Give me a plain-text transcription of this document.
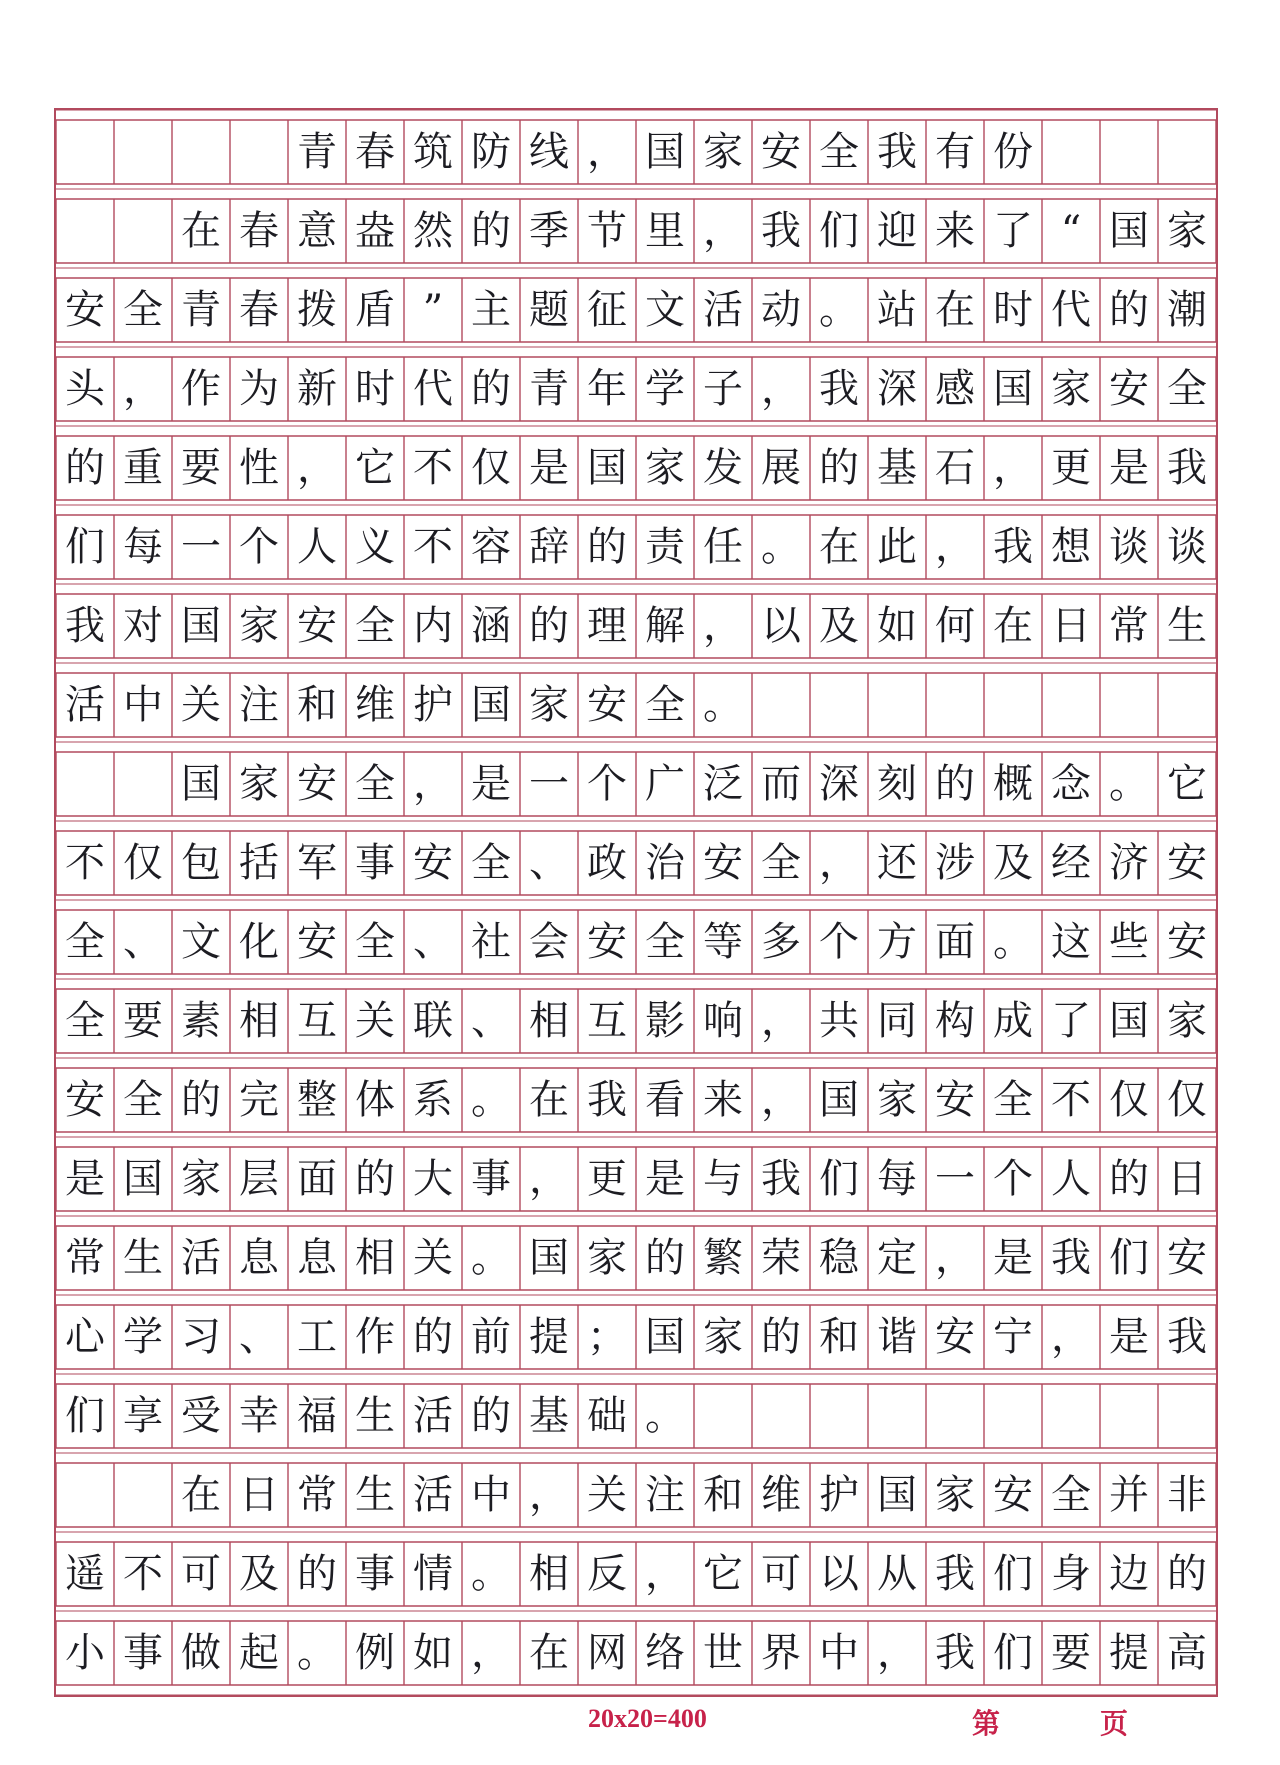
青 春 筑 防 线 ， 国 家 安 全 我 有 份
在 春 意 盎 然 的 季 节 里 ， 我 们 迎 来 了 “ 国 家
安 全 青 春 拨 盾 ” 主 题 征 文 活 动 。 站 在 时 代 的 潮
头 ， 作 为 新 时 代 的 青 年 学 子 ， 我 深 感 国 家 安 全
的 重 要 性 ， 它 不 仅 是 国 家 发 展 的 基 石 ， 更 是 我
们 每 一 个 人 义 不 容 辞 的 责 任 。 在 此 ， 我 想 谈 谈
我 对 国 家 安 全 内 涵 的 理 解 ， 以 及 如 何 在 日 常 生
活 中 关 注 和 维 护 国 家 安 全 。
国 家 安 全 ， 是 一 个 广 泛 而 深 刻 的 概 念 。 它
不 仅 包 括 军 事 安 全 、 政 治 安 全 ， 还 涉 及 经 济 安
全 、 文 化 安 全 、 社 会 安 全 等 多 个 方 面 。 这 些 安
全 要 素 相 互 关 联 、 相 互 影 响 ， 共 同 构 成 了 国 家
安 全 的 完 整 体 系 。 在 我 看 来 ， 国 家 安 全 不 仅 仅
是 国 家 层 面 的 大 事 ， 更 是 与 我 们 每 一 个 人 的 日
常 生 活 息 息 相 关 。 国 家 的 繁 荣 稳 定 ， 是 我 们 安
心 学 习 、 工 作 的 前 提 ； 国 家 的 和 谐 安 宁 ， 是 我
们 享 受 幸 福 生 活 的 基 础 。
在 日 常 生 活 中 ， 关 注 和 维 护 国 家 安 全 并 非
遥 不 可 及 的 事 情 。 相 反 ， 它 可 以 从 我 们 身 边 的
小 事 做 起 。 例 如 ， 在 网 络 世 界 中 ， 我 们 要 提 高
20x20=400	第	页
